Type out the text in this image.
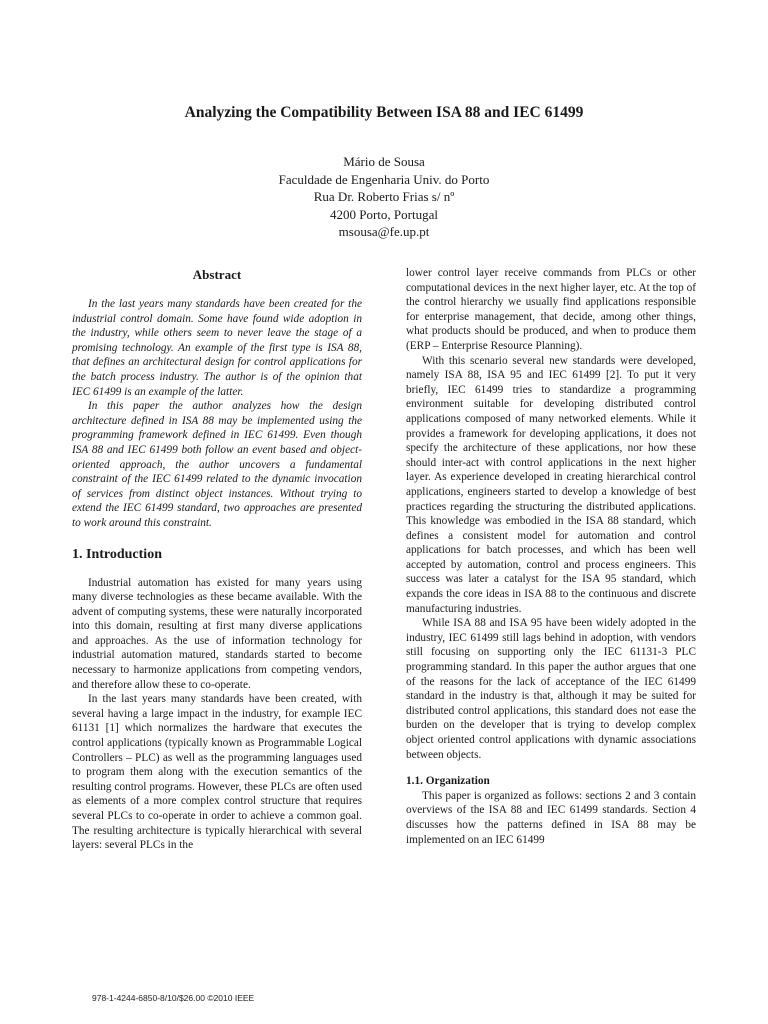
Analyzing the Compatibility Between ISA 88 and IEC 61499
Mário de Sousa
Faculdade de Engenharia Univ. do Porto
Rua Dr. Roberto Frias s/ nº
4200 Porto, Portugal
msousa@fe.up.pt
Abstract

In the last years many standards have been created for the industrial control domain. Some have found wide adoption in the industry, while others seem to never leave the stage of a promising technology. An example of the first type is ISA 88, that defines an architectural design for control applications for the batch process industry. The author is of the opinion that IEC 61499 is an example of the latter.

In this paper the author analyzes how the design architecture defined in ISA 88 may be implemented using the programming framework defined in IEC 61499. Even though ISA 88 and IEC 61499 both follow an event based and object-oriented approach, the author uncovers a fundamental constraint of the IEC 61499 related to the dynamic invocation of services from distinct object instances. Without trying to extend the IEC 61499 standard, two approaches are presented to work around this constraint.

1. Introduction

Industrial automation has existed for many years using many diverse technologies as these became available. With the advent of computing systems, these were naturally incorporated into this domain, resulting at first many diverse applications and approaches. As the use of information technology for industrial automation matured, standards started to become necessary to harmonize applications from competing vendors, and therefore allow these to co-operate.

In the last years many standards have been created, with several having a large impact in the industry, for example IEC 61131 [1] which normalizes the hardware that executes the control applications (typically known as Programmable Logical Controllers – PLC) as well as the programming languages used to program them along with the execution semantics of the resulting control programs. However, these PLCs are often used as elements of a more complex control structure that requires several PLCs to co-operate in order to achieve a common goal. The resulting architecture is typically hierarchical with several layers: several PLCs in the

lower control layer receive commands from PLCs or other computational devices in the next higher layer, etc. At the top of the control hierarchy we usually find applications responsible for enterprise management, that decide, among other things, what products should be produced, and when to produce them (ERP – Enterprise Resource Planning).

With this scenario several new standards were developed, namely ISA 88, ISA 95 and IEC 61499 [2]. To put it very briefly, IEC 61499 tries to standardize a programming environment suitable for developing distributed control applications composed of many networked elements. While it provides a framework for developing applications, it does not specify the architecture of these applications, nor how these should inter-act with control applications in the next higher layer. As experience developed in creating hierarchical control applications, engineers started to develop a knowledge of best practices regarding the structuring the distributed applications. This knowledge was embodied in the ISA 88 standard, which defines a consistent model for automation and control applications for batch processes, and which has been well accepted by automation, control and process engineers. This success was later a catalyst for the ISA 95 standard, which expands the core ideas in ISA 88 to the continuous and discrete manufacturing industries.

While ISA 88 and ISA 95 have been widely adopted in the industry, IEC 61499 still lags behind in adoption, with vendors still focusing on supporting only the IEC 61131-3 PLC programming standard. In this paper the author argues that one of the reasons for the lack of acceptance of the IEC 61499 standard in the industry is that, although it may be suited for distributed control applications, this standard does not ease the burden on the developer that is trying to develop complex object oriented control applications with dynamic associations between objects.

1.1. Organization

This paper is organized as follows: sections 2 and 3 contain overviews of the ISA 88 and IEC 61499 standards. Section 4 discusses how the patterns defined in ISA 88 may be implemented on an IEC 61499

978-1-4244-6850-8/10/$26.00 ©2010 IEEE
